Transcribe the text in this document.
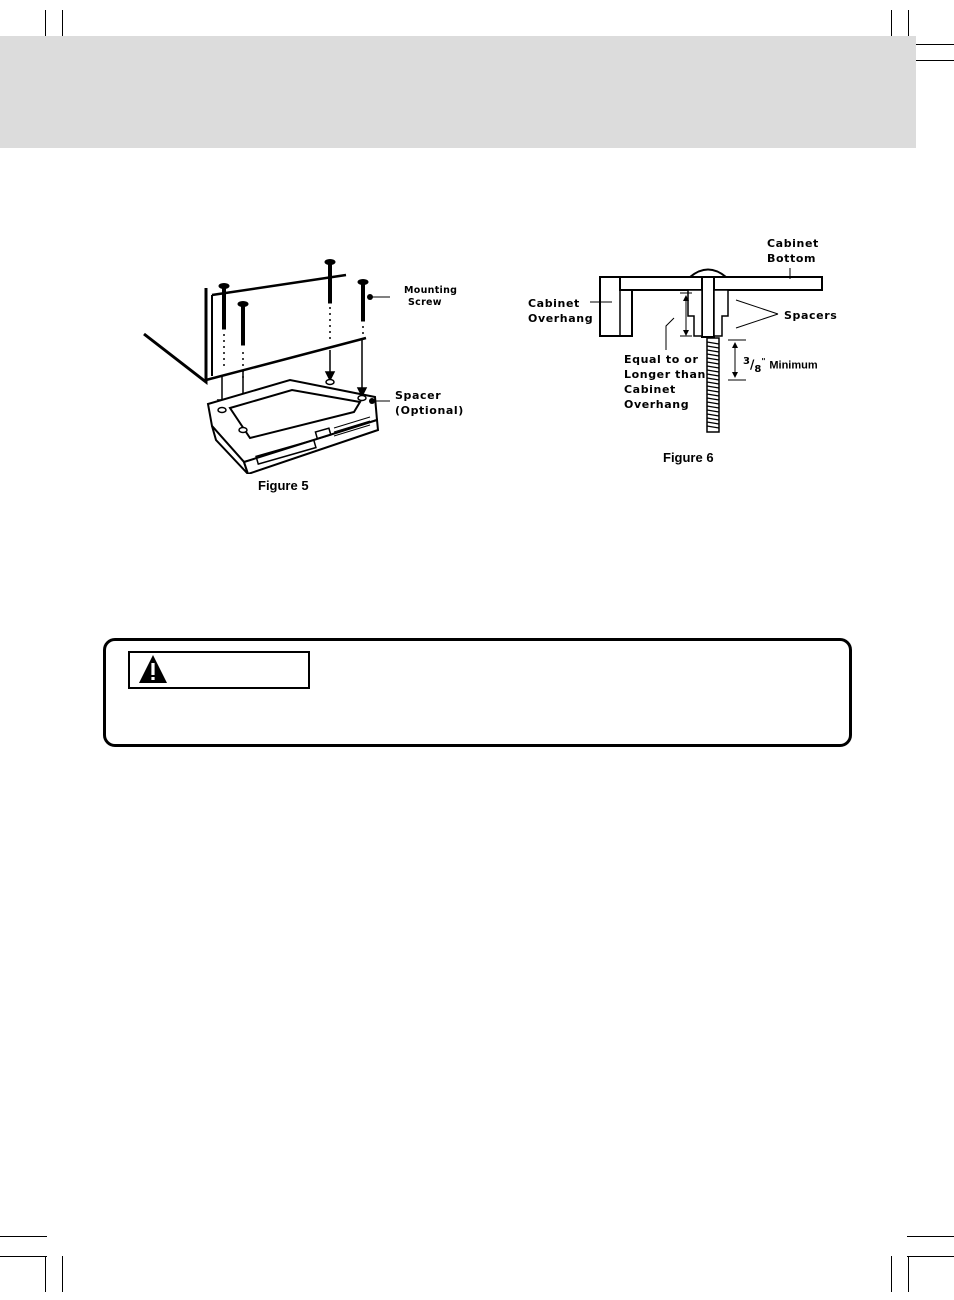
Mounting
Screw
Spacer
(Optional)
Figure 5
Cabinet
Bottom
Cabinet
Overhang	Spacers
Equal to or
Longer than
Cabinet
Overhang
$^3/_8^"$ Minimum
Figure 6
